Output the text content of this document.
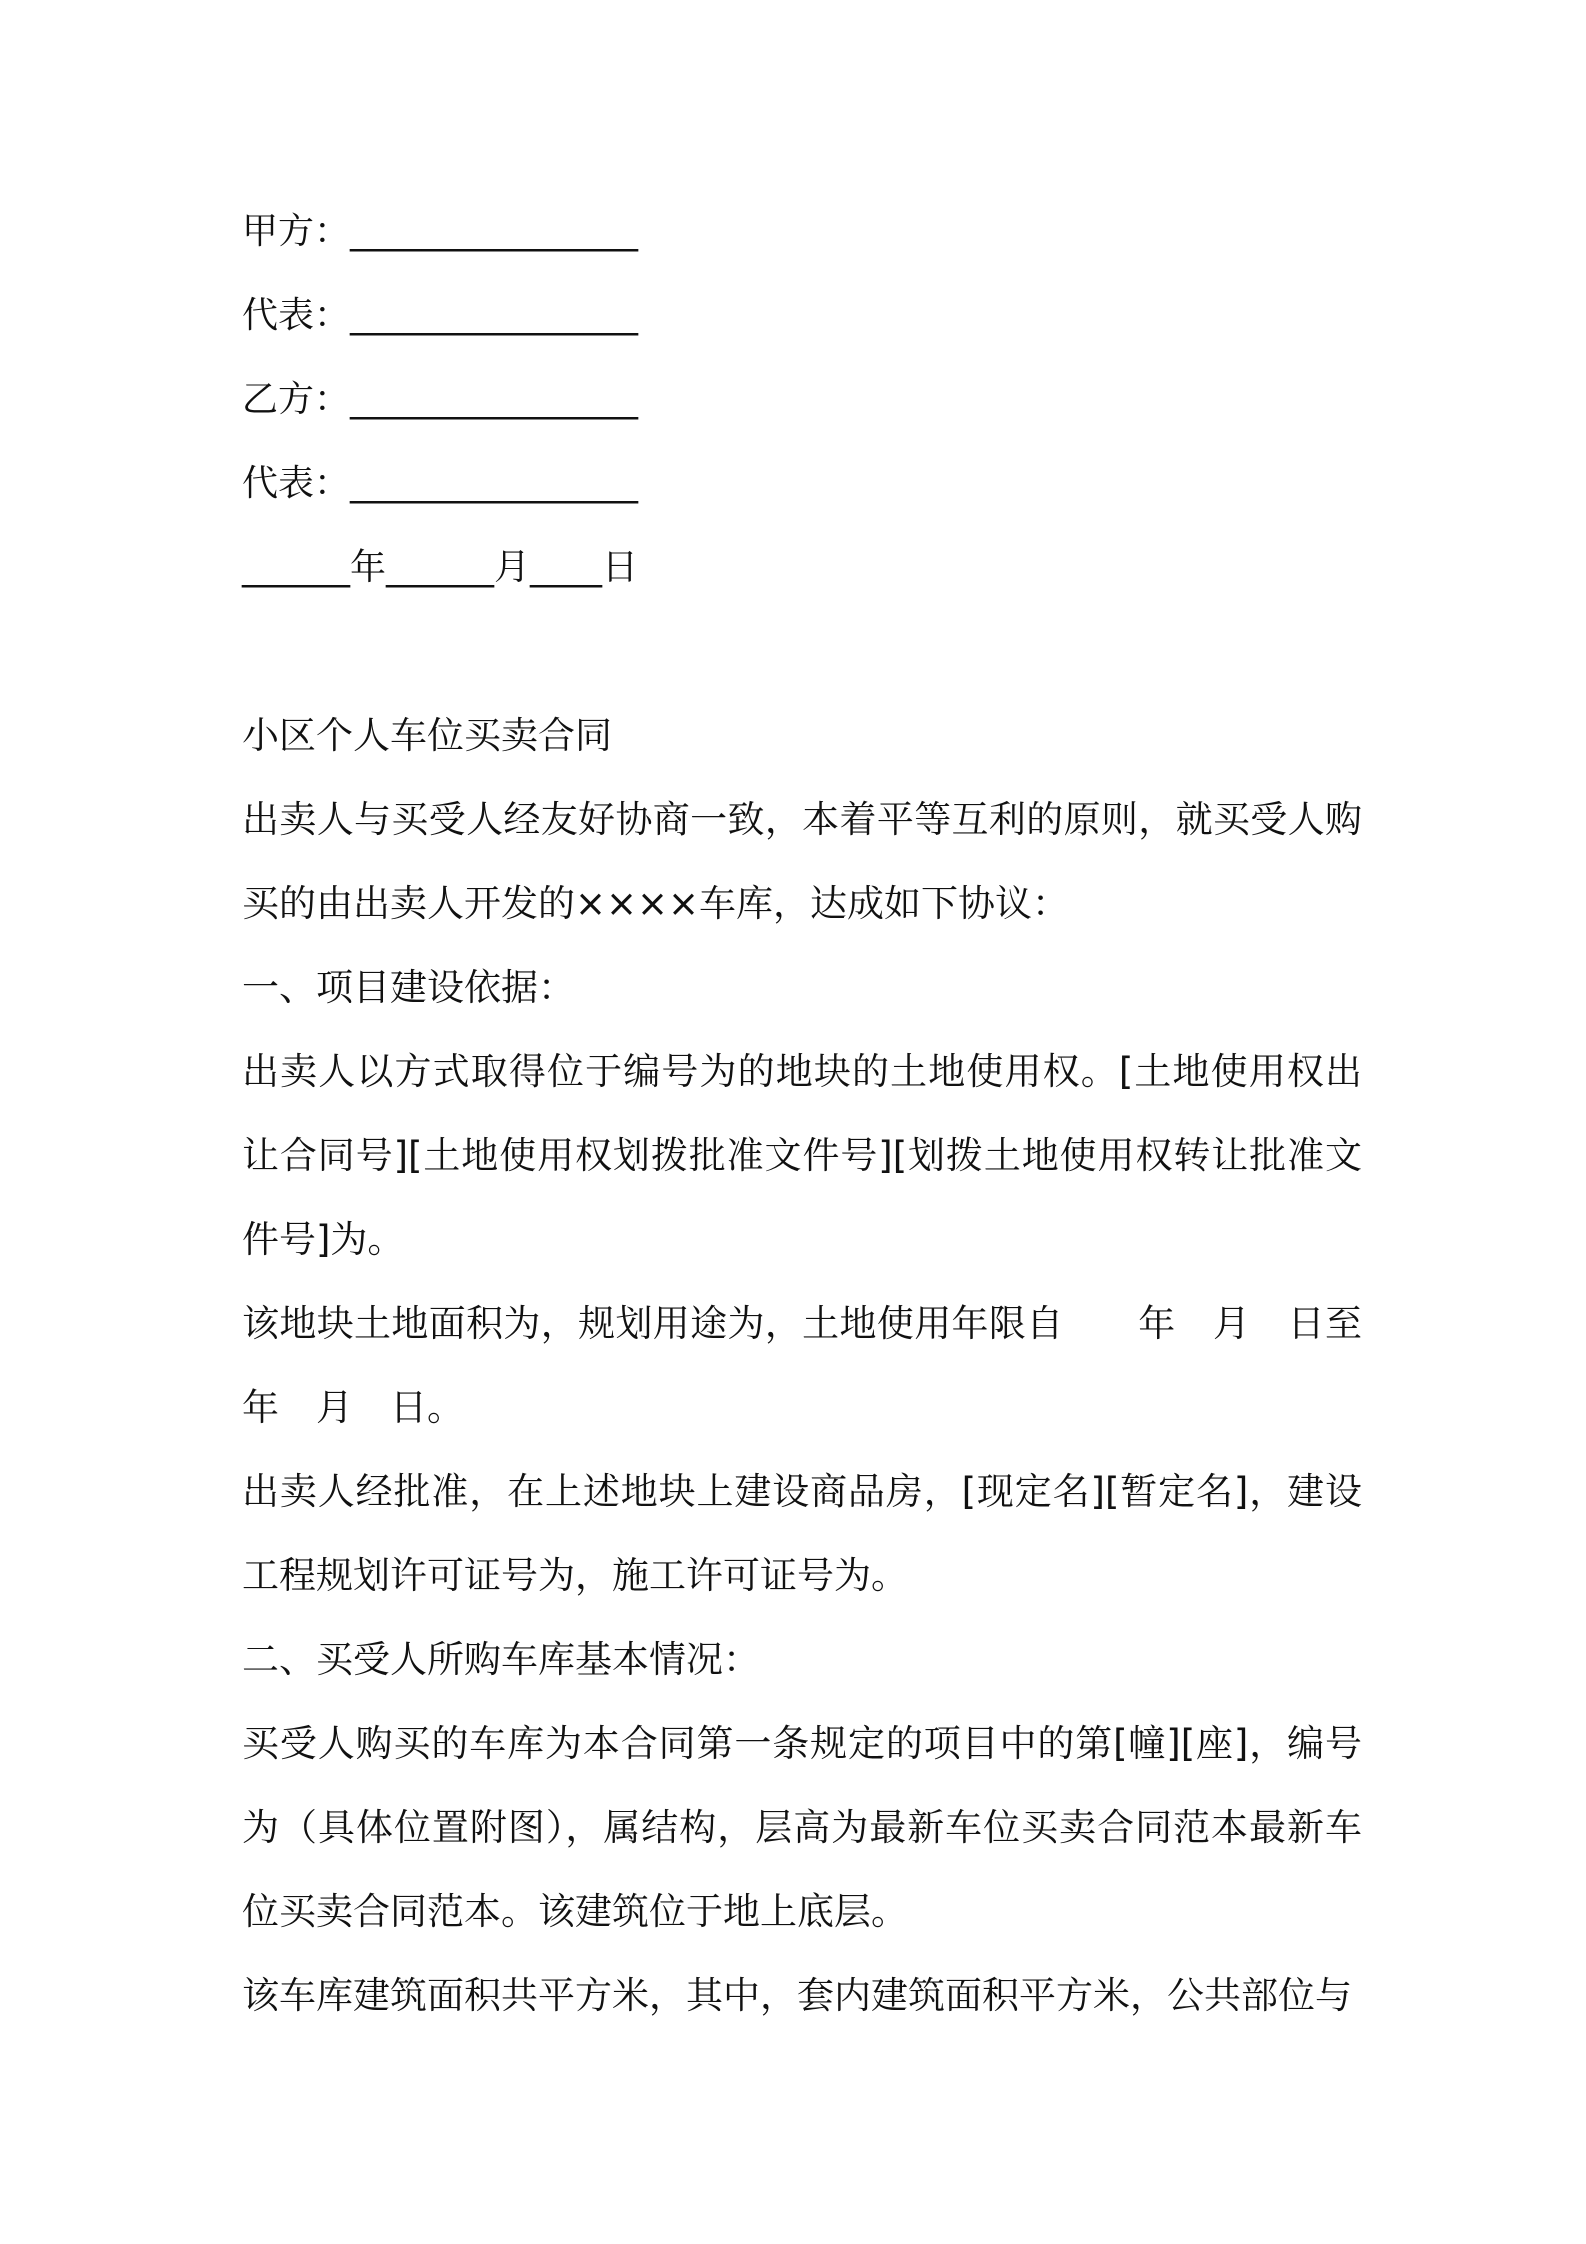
甲方：________________
代表：________________
乙方：________________
代表：________________
______年______月____日
小区个人车位买卖合同

出卖人与买受人经友好协商一致，本着平等互利的原则，就买受人购买的由出卖人开发的××××车库，达成如下协议：

一、项目建设依据：

出卖人以方式取得位于编号为的地块的土地使用权。[土地使用权出让合同号][土地使用权划拨批准文件号][划拨土地使用权转让批准文件号]为。

该地块土地面积为，规划用途为，土地使用年限自　　年　月　日至年　月　日。

出卖人经批准，在上述地块上建设商品房，[现定名][暂定名]，建设工程规划许可证号为，施工许可证号为。

二、买受人所购车库基本情况：

买受人购买的车库为本合同第一条规定的项目中的第[幢][座]，编号为（具体位置附图），属结构，层高为最新车位买卖合同范本最新车位买卖合同范本。该建筑位于地上底层。

该车库建筑面积共平方米，其中，套内建筑面积平方米，公共部位与
